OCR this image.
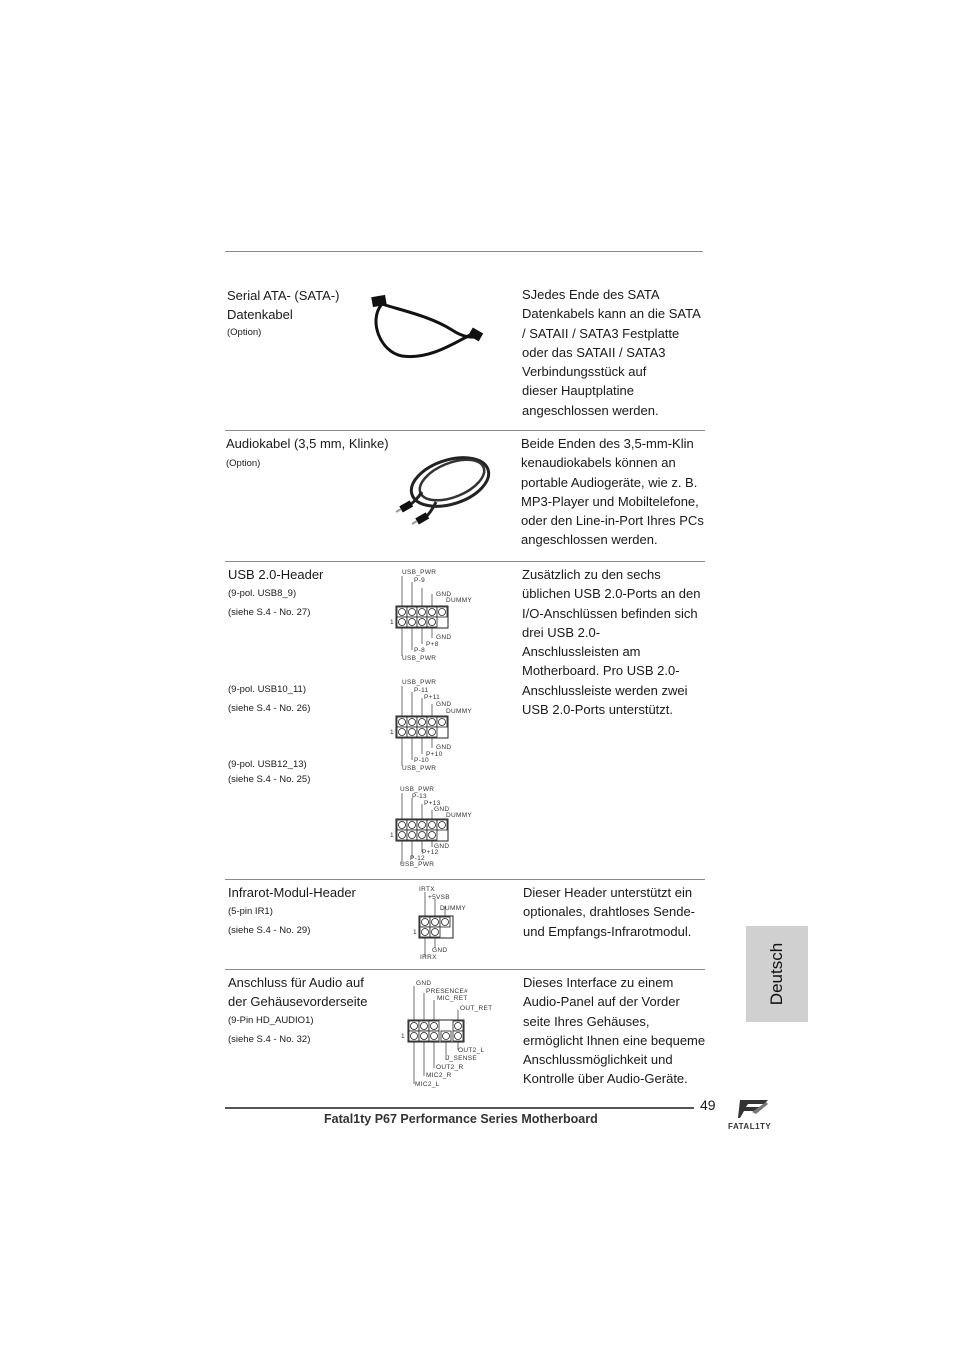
Serial ATA- (SATA-)
Datenkabel
(Option)
SJedes Ende des SATA
Datenkabels kann an die SATA
/ SATAII / SATA3 Festplatte
oder das SATAII / SATA3
Verbindungsstück auf
dieser Hauptplatine
angeschlossen werden.
Audiokabel (3,5 mm, Klinke)
(Option)
Beide Enden des 3,5-mm-Klin
kenaudiokabels können an
portable Audiogeräte, wie z. B.
MP3-Player und Mobiltelefone,
oder den Line-in-Port Ihres PCs
angeschlossen werden.
USB 2.0-Header
(9-pol. USB8_9)
(siehe S.4 - No. 27)
(9-pol. USB10_11)
(siehe S.4 - No. 26)
(9-pol. USB12_13)
(siehe S.4 - No. 25)
USB_PWR
P-9
GND
DUMMY
1
GND
P+8
P-8
USB_PWR
USB_PWR
P-11
P+11
GND
DUMMY
1
GND
P+10
P-10
USB_PWR
USB_PWR
P-13
P+13
GND
DUMMY
1
GND
P+12
P-12
USB_PWR
Zusätzlich zu den sechs
üblichen USB 2.0-Ports an den
I/O-Anschlüssen befinden sich
drei USB 2.0-
Anschlussleisten am
Motherboard. Pro USB 2.0-
Anschlussleiste werden zwei
USB 2.0-Ports unterstützt.
Infrarot-Modul-Header
(5-pin IR1)
(siehe S.4 - No. 29)
IRTX
+5VSB
DUMMY
1
GND
IRRX
Dieser Header unterstützt ein
optionales, drahtloses Sende-
und Empfangs-Infrarotmodul.
Anschluss für Audio auf
der Gehäusevorderseite
(9-Pin HD_AUDIO1)
(siehe S.4 - No. 32)
GND
PRESENCE#
MIC_RET
OUT_RET
1
OUT2_L
J_SENSE
OUT2_R
MIC2_R
MIC2_L
Dieses Interface zu einem
Audio-Panel auf der Vorder
seite Ihres Gehäuses,
ermöglicht Ihnen eine bequeme
Anschlussmöglichkeit und
Kontrolle über Audio-Geräte.
Deutsch
49
Fatal1ty P67 Performance Series Motherboard
FATAL1TY
